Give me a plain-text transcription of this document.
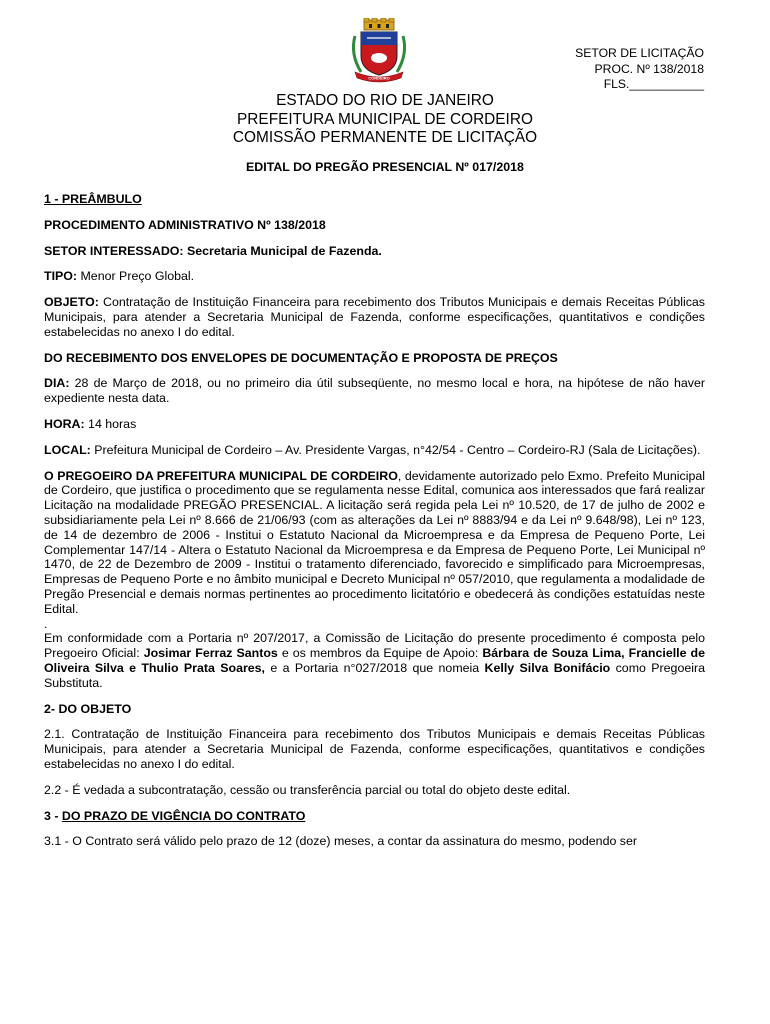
CORDEIRO
SETOR DE LICITAÇÃO
PROC. Nº 138/2018
FLS.___________
ESTADO DO RIO DE JANEIRO
PREFEITURA MUNICIPAL DE CORDEIRO
COMISSÃO PERMANENTE DE LICITAÇÃO
EDITAL DO PREGÃO PRESENCIAL Nº 017/2018
1 - PREÂMBULO
PROCEDIMENTO ADMINISTRATIVO Nº 138/2018
SETOR INTERESSADO: Secretaria Municipal de Fazenda.

TIPO: Menor Preço Global.

OBJETO: Contratação de Instituição Financeira para recebimento dos Tributos Municipais e demais Receitas Públicas Municipais, para atender a Secretaria Municipal de Fazenda, conforme especificações, quantitativos e condições estabelecidas no anexo I do edital.

DO RECEBIMENTO DOS ENVELOPES DE DOCUMENTAÇÃO E PROPOSTA DE PREÇOS

DIA: 28 de Março de 2018, ou no primeiro dia útil subseqüente, no mesmo local e hora, na hipótese de não haver expediente nesta data.

HORA: 14 horas

LOCAL: Prefeitura Municipal de Cordeiro – Av. Presidente Vargas, n°42/54 - Centro – Cordeiro-RJ (Sala de Licitações).

O PREGOEIRO DA PREFEITURA MUNICIPAL DE CORDEIRO, devidamente autorizado pelo Exmo. Prefeito Municipal de Cordeiro, que justifica o procedimento que se regulamenta nesse Edital, comunica aos interessados que fará realizar Licitação na modalidade PREGÃO PRESENCIAL. A licitação será regida pela Lei nº 10.520, de 17 de julho de 2002 e subsidiariamente pela Lei nº 8.666 de 21/06/93 (com as alterações da Lei nº 8883/94 e da Lei nº 9.648/98), Lei nº 123, de 14 de dezembro de 2006 - Institui o Estatuto Nacional da Microempresa e da Empresa de Pequeno Porte, Lei Complementar 147/14 - Altera o Estatuto Nacional da Microempresa e da Empresa de Pequeno Porte, Lei Municipal nº 1470, de 22 de Dezembro de 2009 - Institui o tratamento diferenciado, favorecido e simplificado para Microempresas, Empresas de Pequeno Porte e no âmbito municipal e Decreto Municipal nº 057/2010, que regulamenta a modalidade de Pregão Presencial e demais normas pertinentes ao procedimento licitatório e obedecerá às condições estatuídas neste Edital.

.

Em conformidade com a Portaria nº 207/2017, a Comissão de Licitação do presente procedimento é composta pelo Pregoeiro Oficial: Josimar Ferraz Santos e os membros da Equipe de Apoio: Bárbara de Souza Lima, Francielle de Oliveira Silva e Thulio Prata Soares, e a Portaria n°027/2018 que nomeia Kelly Silva Bonifácio como Pregoeira Substituta.

2- DO OBJETO

2.1. Contratação de Instituição Financeira para recebimento dos Tributos Municipais e demais Receitas Públicas Municipais, para atender a Secretaria Municipal de Fazenda, conforme especificações, quantitativos e condições estabelecidas no anexo I do edital.

2.2 - É vedada a subcontratação, cessão ou transferência parcial ou total do objeto deste edital.

3 - DO PRAZO DE VIGÊNCIA DO CONTRATO

3.1 - O Contrato será válido pelo prazo de 12 (doze) meses, a contar da assinatura do mesmo, podendo ser
